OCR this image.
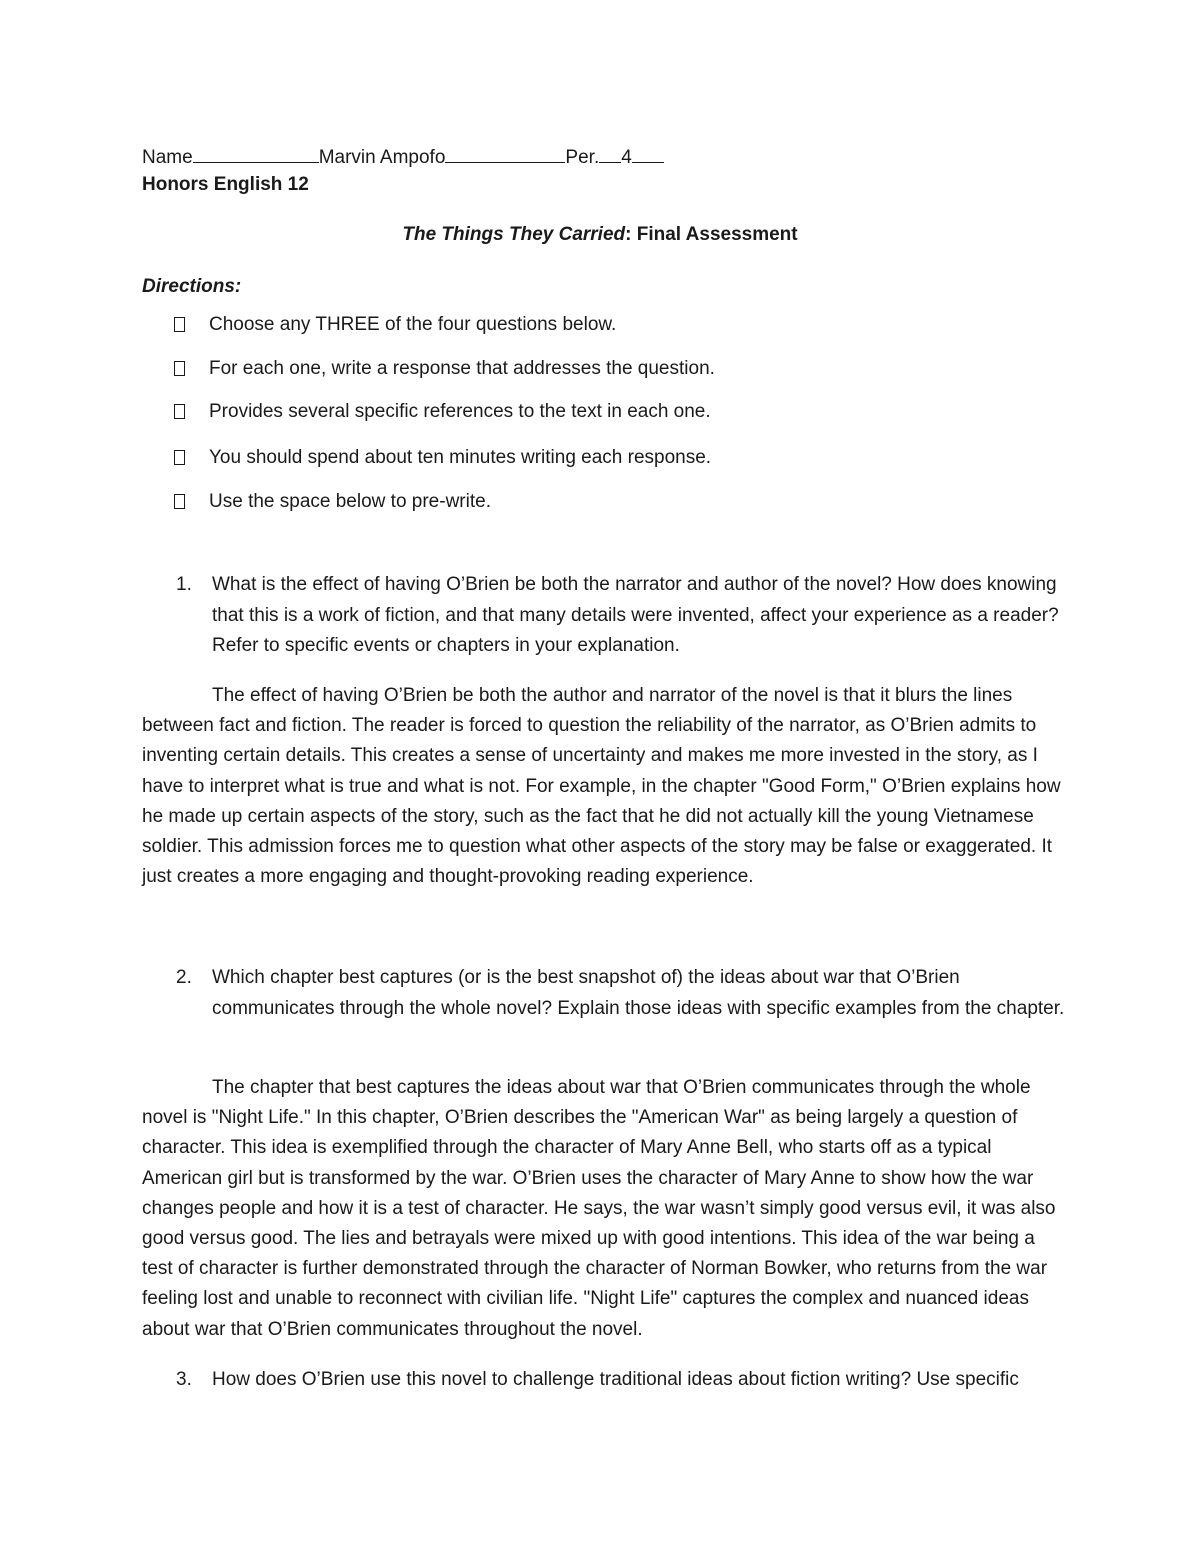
Name	Marvin Ampofo	Per. 4
Honors English 12
The Things They Carried: Final Assessment
Directions:
Choose any THREE of the four questions below.
For each one, write a response that addresses the question.
Provides several specific references to the text in each one.
You should spend about ten minutes writing each response.
Use the space below to pre-write.
1. What is the effect of having O’Brien be both the narrator and author of the novel? How does knowing that this is a work of fiction, and that many details were invented, affect your experience as a reader? Refer to specific events or chapters in your explanation.
The effect of having O’Brien be both the author and narrator of the novel is that it blurs the lines between fact and fiction. The reader is forced to question the reliability of the narrator, as O’Brien admits to inventing certain details. This creates a sense of uncertainty and makes me more invested in the story, as I have to interpret what is true and what is not. For example, in the chapter "Good Form," O’Brien explains how he made up certain aspects of the story, such as the fact that he did not actually kill the young Vietnamese soldier. This admission forces me to question what other aspects of the story may be false or exaggerated. It just creates a more engaging and thought-provoking reading experience.
2. Which chapter best captures (or is the best snapshot of) the ideas about war that O’Brien communicates through the whole novel? Explain those ideas with specific examples from the chapter.
The chapter that best captures the ideas about war that O’Brien communicates through the whole novel is "Night Life." In this chapter, O’Brien describes the "American War" as being largely a question of character. This idea is exemplified through the character of Mary Anne Bell, who starts off as a typical American girl but is transformed by the war. O’Brien uses the character of Mary Anne to show how the war changes people and how it is a test of character. He says, the war wasn’t simply good versus evil, it was also good versus good. The lies and betrayals were mixed up with good intentions. This idea of the war being a test of character is further demonstrated through the character of Norman Bowker, who returns from the war feeling lost and unable to reconnect with civilian life. "Night Life" captures the complex and nuanced ideas about war that O’Brien communicates throughout the novel.
3. How does O’Brien use this novel to challenge traditional ideas about fiction writing? Use specific
